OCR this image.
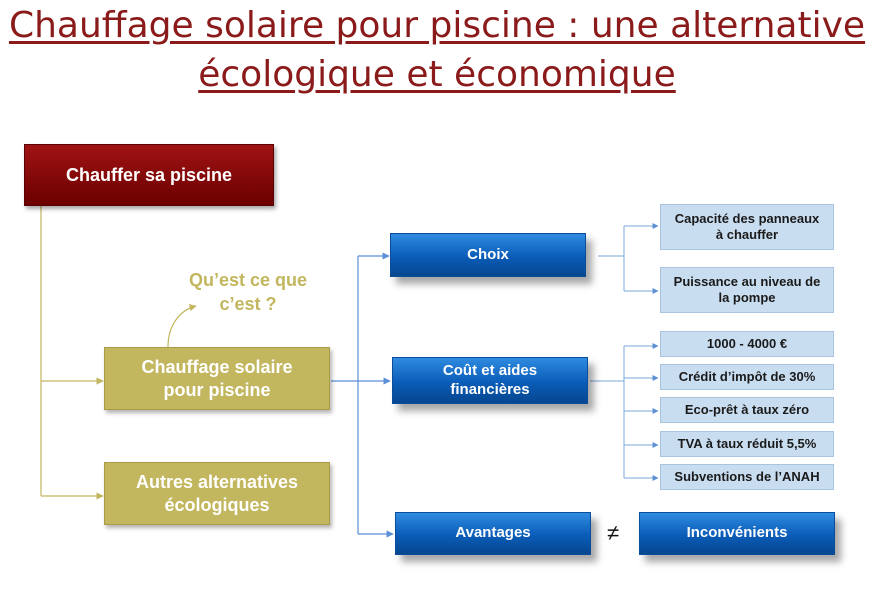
Chauffage solaire pour piscine : une alternative
écologique et économique
Chauffer sa piscine
Qu’est ce que
c’est ?
Chauffage solaire
pour piscine
Autres alternatives
écologiques
Choix
Coût et aides
financières
Avantages	≠	Inconvénients
Capacité des panneaux
à chauffer
Puissance au niveau de
la pompe
1000 - 4000 €
Crédit d’impôt de 30%
Eco-prêt à taux zéro
TVA à taux réduit 5,5%
Subventions de l’ANAH
